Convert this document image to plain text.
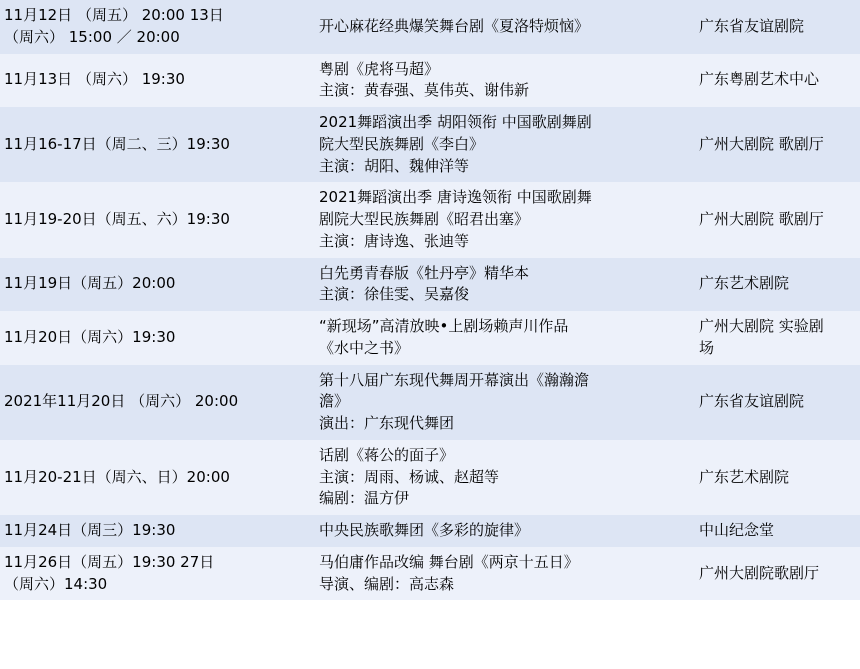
11月12日 （周五） 20:00 13日
（周六） 15:00 ／ 20:00	开心麻花经典爆笑舞台剧《夏洛特烦恼》	广东省友谊剧院

11月13日 （周六） 19:30	粤剧《虎将马超》
主演：黄春强、莫伟英、谢伟新	广东粤剧艺术中心

11月16-17日（周二、三）19:30	2021舞蹈演出季 胡阳领衔 中国歌剧舞剧
院大型民族舞剧《李白》
主演：胡阳、魏伸洋等	广州大剧院 歌剧厅

11月19-20日（周五、六）19:30	2021舞蹈演出季 唐诗逸领衔 中国歌剧舞
剧院大型民族舞剧《昭君出塞》
主演：唐诗逸、张迪等	广州大剧院 歌剧厅

11月19日（周五）20:00	白先勇青春版《牡丹亭》精华本
主演：徐佳雯、吴嘉俊	广东艺术剧院

11月20日（周六）19:30	“新现场”高清放映•上剧场赖声川作品
《水中之书》	广州大剧院 实验剧
场

2021年11月20日 （周六） 20:00	第十八届广东现代舞周开幕演出《瀚瀚澹
澹》
演出：广东现代舞团	广东省友谊剧院

11月20-21日（周六、日）20:00	话剧《蒋公的面子》
主演：周雨、杨诚、赵超等
编剧：温方伊	广东艺术剧院

11月24日（周三）19:30	中央民族歌舞团《多彩的旋律》	中山纪念堂

11月26日（周五）19:30 27日
（周六）14:30	马伯庸作品改编 舞台剧《两京十五日》
导演、编剧：高志森	广州大剧院歌剧厅
